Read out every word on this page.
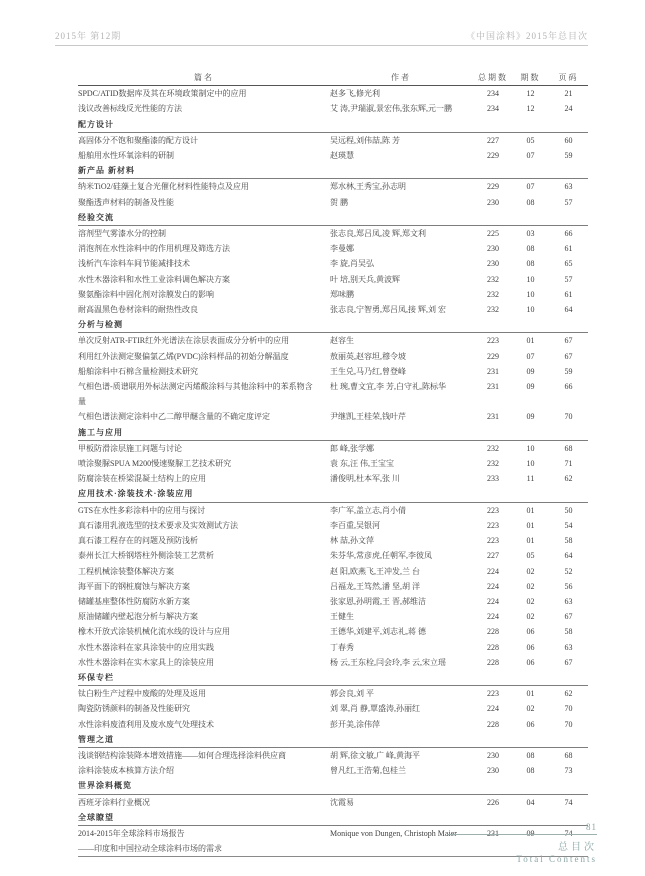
2015年 第12期	《中国涂料》2015年总目次
篇名	作者	总期数	期数	页码
SPDC/ATID数据库及其在环境政策制定中的应用	赵多飞,修光利	234	12	21
浅议改善标线反光性能的方法	艾 涛,尹瑞淑,景宏伟,张东辉,元一鹏	234	12	24
配方设计
高固体分不饱和聚酯漆的配方设计	吴远程,刘伟喆,陈 芳	227	05	60
船舶用水性环氧涂料的研制	赵瑛慧	229	07	59
新产品 新材料
纳米TiO2/硅藻土复合光催化材料性能特点及应用	郑水林,王秀宝,孙志明	229	07	63
聚酯透声材料的制备及性能	贺 鹏	230	08	57
经验交流
溶剂型气雾漆水分的控制	张志良,郑吕凤,凌 辉,郑文利	225	03	66
消泡剂在水性涂料中的作用机理及筛选方法	李曼娜	230	08	61
浅析汽车涂料车间节能减排技术	李 旋,肖吴弘	230	08	65
水性木器涂料和水性工业涂料调色解决方案	叶 培,别天兵,黄波辉	232	10	57
聚氨酯涂料中固化剂对涂膜发白的影响	郑味鹏	232	10	61
耐高温黑色卷材涂料的耐热性改良	张志良,宁智勇,郑吕凤,接 辉,刘 宏	232	10	64
分析与检测
单次反射ATR-FTIR红外光谱法在涂层表面成分分析中的应用	赵容生	223	01	67
利用红外法测定聚偏氯乙烯(PVDC)涂料样品的初始分解温度	敖丽英,赵容坦,穆令坡	229	07	67
船舶涂料中石棉含量检测技术研究	王生兑,马乃红,曾登峰	231	09	59
气相色谱-质谱联用外标法测定丙烯酸涂料与其他涂料中的苯系物含
量
杜 琬,曹文宜,李 芳,白守礼,陈标华	231	09	66
气相色谱法测定涂料中乙二醇甲醚含量的不确定度评定	尹继凯,王桂荣,钱叶芹	231	09	70
施工与应用
甲板防滑涂层施工问题与讨论	郎 峰,张学娜	232	10	68
喷涂聚脲SPUA M200慢速聚脲工艺技术研究	袁 东,汪 伟,王宝宝	232	10	71
防腐涂装在桥梁混凝土结构上的应用	潘俊明,杜本军,张 川	233	11	62
应用技术·涂装技术·涂装应用
GTS在水性多彩涂料中的应用与探讨	李广军,盖立志,肖小倩	223	01	50
真石漆用乳液选型的技术要求及实效测试方法	李百重,吴银河	223	01	54
真石漆工程存在的问题及预防浅析	林 喆,孙文萍	223	01	58
泰州长江大桥钢塔柱外侧涂装工艺赏析	朱芬华,常彦虎,任朝军,李彼凤	227	05	64
工程机械涂装整体解决方案	赵 阳,欧燕飞,王冲发,兰 台	224	02	52
海平面下的钢桩腐蚀与解决方案	吕福龙,王笃然,潘 坚,胡 洋	224	02	56
储罐基座整体性防腐防水新方案	张家恩,孙明霞,王 晋,郝维洁	224	02	63
原油储罐内壁起泡分析与解决方案	王健生	224	02	67
橡木开放式涂装机械化流水线的设计与应用	王德华,刘建平,刘志礼,蒋 德	228	06	58
水性木器涂料在家具涂装中的应用实践	丁春秀	228	06	63
水性木器涂料在实木家具上的涂装应用	杨 云,王东栓,闫会玲,李 云,宋立瑶	228	06	67
环保专栏
钛白粉生产过程中废酸的处理及返用	郭会良,刘 平	223	01	62
陶瓷防锈颜料的制备及性能研究	刘 翠,肖 静,覃盛涛,孙丽红	224	02	70
水性涂料废渣利用及废水废气处理技术	彭开美,涂伟萍	228	06	70
管理之道
浅谈钢结构涂装降本增效措施——如何合理选择涂料供应商	胡 辉,徐文敏,广 峰,黄海平	230	08	68
涂料涂装成本核算方法介绍	曾凡红,王浩菊,包桂兰	230	08	73
世界涂料概览
西班牙涂料行业概况	沈霞易	226	04	74
全球瞭望
2014-2015年全球涂料市场报告
——印度和中国拉动全球涂料市场的需求
Monique von Dungen, Christoph Maier	231	09	74
81
总目次
Total Contents
